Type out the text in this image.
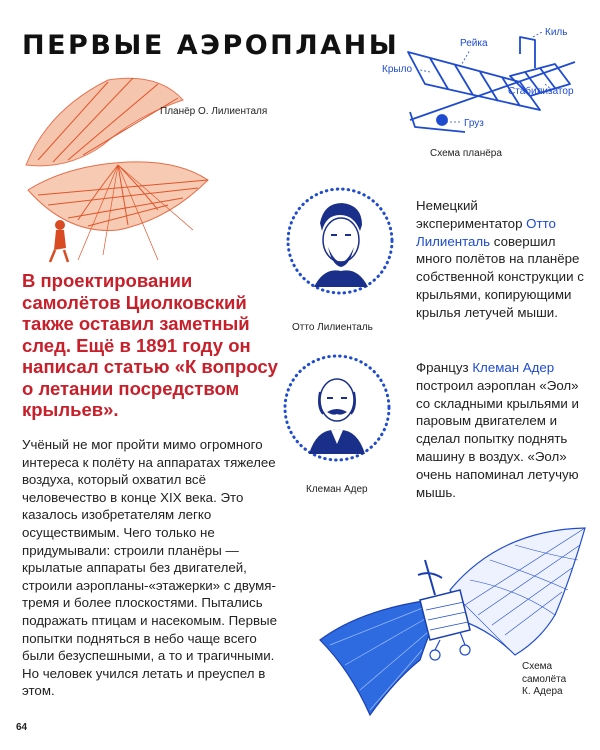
ПЕРВЫЕ АЭРОПЛАНЫ
Планёр О. Лилиенталя
Киль
Рейка
Крыло
Стабилизатор
Груз
Схема планёра
Отто Лилиенталь
Немецкий экспериментатор Отто Лилиенталь совершил много полётов на планёре собственной конструкции с крыльями, копирующими крылья летучей мыши.
В проектировании самолётов Циолковский также оставил заметный след. Ещё в 1891 году он написал статью «К вопросу о летании посредством крыльев».
Клеман Адер
Француз Клеман Адер построил аэроплан «Эол» со складными крыльями и паровым двигателем и сделал попытку поднять машину в воздух. «Эол» очень напоминал летучую мышь.
Учёный не мог пройти мимо огромного интереса к полёту на аппаратах тяжелее воздуха, который охватил всё человечество в конце XIX века. Это казалось изобретателям легко осуществимым. Чего только не придумывали: строили планёры — крылатые аппараты без двигателей, строили аэропланы-«этажерки» с двумя-тремя и более плоскостями. Пытались подражать птицам и насекомым. Первые попытки подняться в небо чаще всего были безуспешными, а то и трагичными. Но человек учился летать и преуспел в этом.
Схема
самолёта
К. Адера
64
